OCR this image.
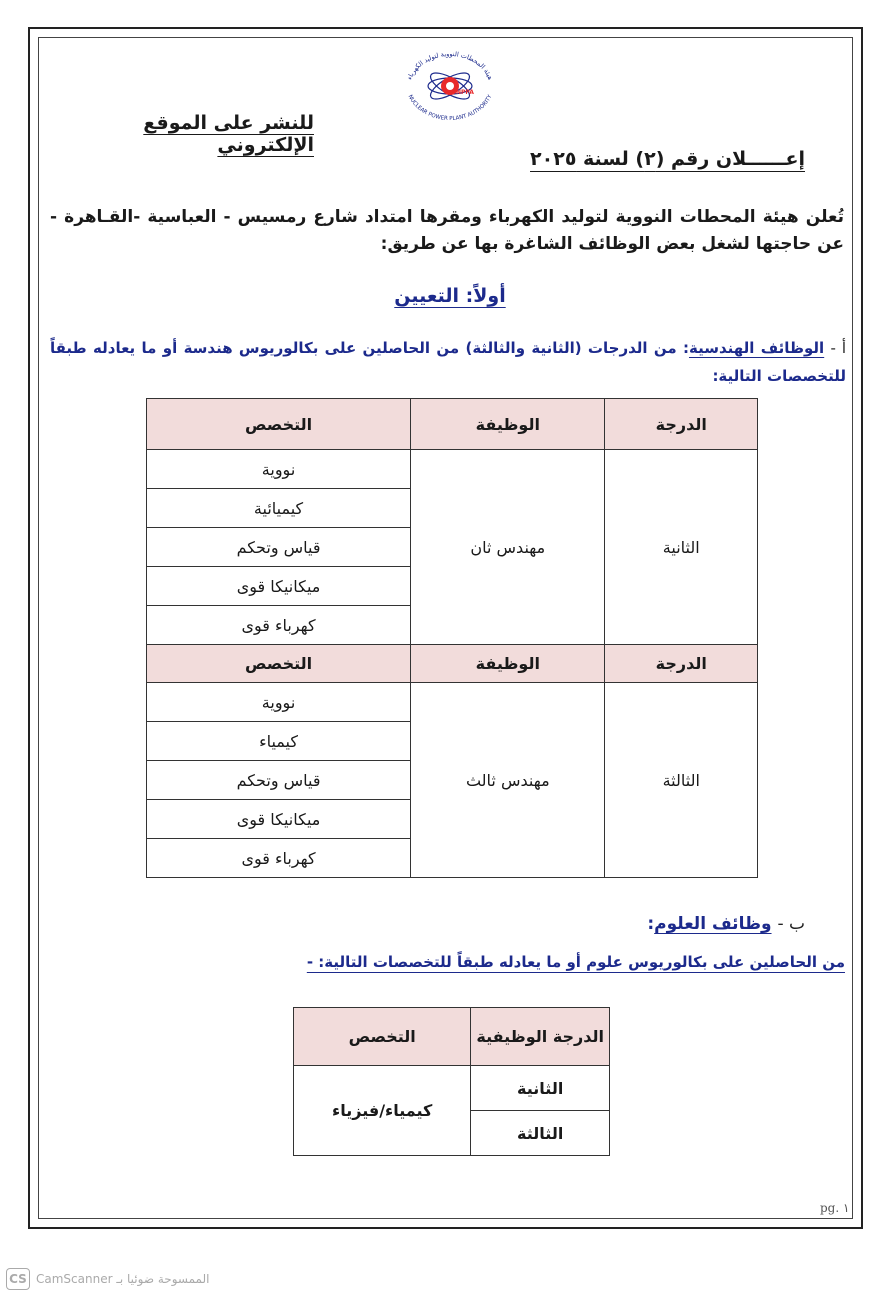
هيئة المحطات النووية لتوليد الكهرباء
NUCLEAR POWER PLANT AUTHORITY
NPPA
للنشر على الموقع الإلكتروني
إعــــــلان رقم (٢) لسنة ٢٠٢٥
تُعلن هيئة المحطات النووية لتوليد الكهرباء ومقرها امتداد شارع رمسيس - العباسية -القـاهرة - عن حاجتها لشغل بعض الوظائف الشاغرة بها عن طريق:
أولاً: التعيين
أ - الوظائف الهندسية: من الدرجات (الثانية والثالثة) من الحاصلين على بكالوريوس هندسة أو ما يعادله طبقاً للتخصصات التالية:
الدرجة	الوظيفة	التخصص
الثانية	مهندس ثان	نووية
		كيميائية
		قياس وتحكم
		ميكانيكا قوى
		كهرباء قوى
الدرجة	الوظيفة	التخصص
الثالثة	مهندس ثالث	نووية
		كيمياء
		قياس وتحكم
		ميكانيكا قوى
		كهرباء قوى
ب - وظائف العلوم:
من الحاصلين على بكالوريوس علوم أو ما يعادله طبقاً للتخصصات التالية: -
الدرجة الوظيفية	التخصص
الثانية	كيمياء/فيزياء
الثالثة	
pg. ١
CS الممسوحة ضوئيا بـ CamScanner
